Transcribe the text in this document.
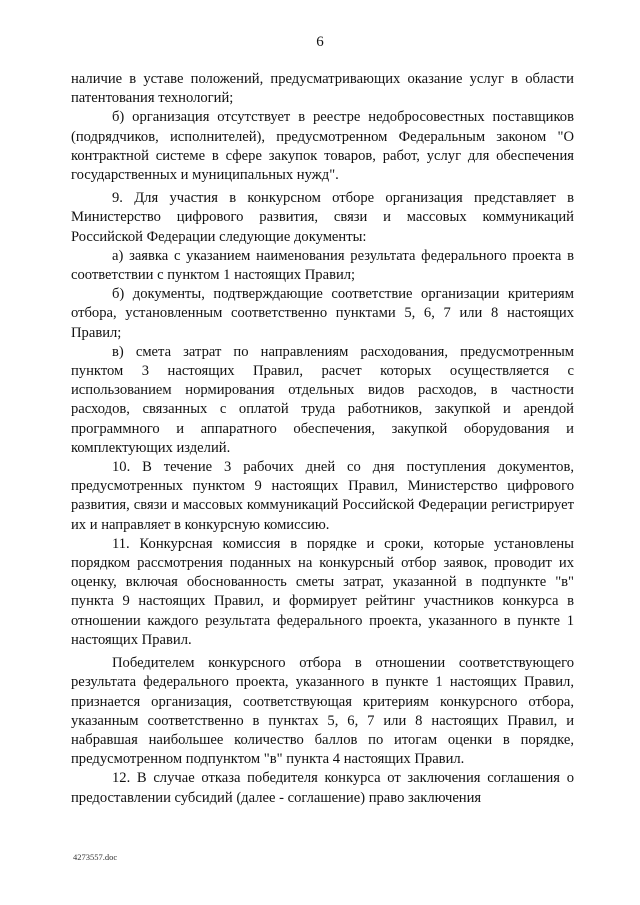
6

наличие в уставе положений, предусматривающих оказание услуг в области патентования технологий;

б) организация отсутствует в реестре недобросовестных поставщиков (подрядчиков, исполнителей), предусмотренном Федеральным законом "О контрактной системе в сфере закупок товаров, работ, услуг для обеспечения государственных и муниципальных нужд".

9. Для участия в конкурсном отборе организация представляет в Министерство цифрового развития, связи и массовых коммуникаций Российской Федерации следующие документы:

а) заявка с указанием наименования результата федерального проекта в соответствии с пунктом 1 настоящих Правил;

б) документы, подтверждающие соответствие организации критериям отбора, установленным соответственно пунктами 5, 6, 7 или 8 настоящих Правил;

в) смета затрат по направлениям расходования, предусмотренным пунктом 3 настоящих Правил, расчет которых осуществляется с использованием нормирования отдельных видов расходов, в частности расходов, связанных с оплатой труда работников, закупкой и арендой программного и аппаратного обеспечения, закупкой оборудования и комплектующих изделий.

10. В течение 3 рабочих дней со дня поступления документов, предусмотренных пунктом 9 настоящих Правил, Министерство цифрового развития, связи и массовых коммуникаций Российской Федерации регистрирует их и направляет в конкурсную комиссию.

11. Конкурсная комиссия в порядке и сроки, которые установлены порядком рассмотрения поданных на конкурсный отбор заявок, проводит их оценку, включая обоснованность сметы затрат, указанной в подпункте "в" пункта 9 настоящих Правил, и формирует рейтинг участников конкурса в отношении каждого результата федерального проекта, указанного в пункте 1 настоящих Правил.

Победителем конкурсного отбора в отношении соответствующего результата федерального проекта, указанного в пункте 1 настоящих Правил, признается организация, соответствующая критериям конкурсного отбора, указанным соответственно в пунктах 5, 6, 7 или 8 настоящих Правил, и набравшая наибольшее количество баллов по итогам оценки в порядке, предусмотренном подпунктом "в" пункта 4 настоящих Правил.

12. В случае отказа победителя конкурса от заключения соглашения о предоставлении субсидий (далее - соглашение) право заключения

4273557.doc
